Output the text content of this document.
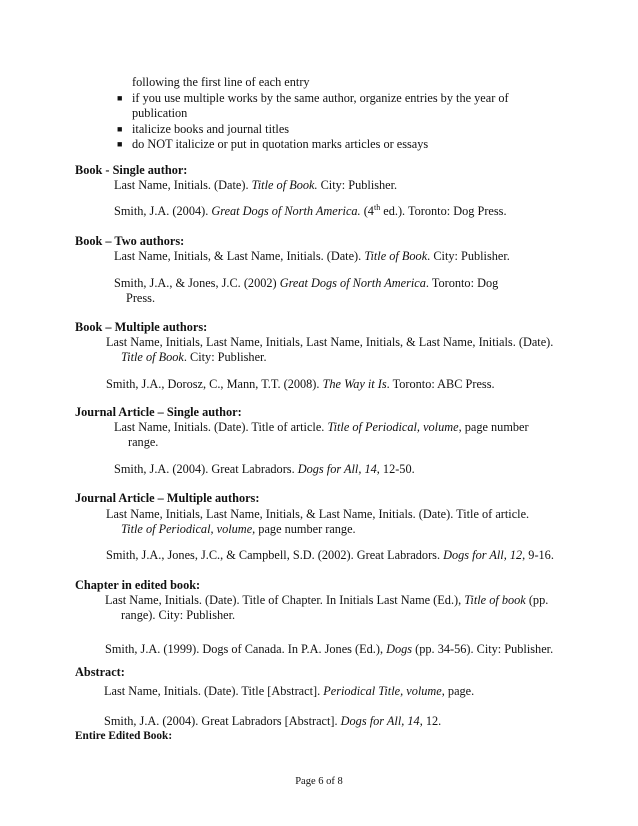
following the first line of each entry
■ if you use multiple works by the same author, organize entries by the year of
publication
■ italicize books and journal titles
■ do NOT italicize or put in quotation marks articles or essays
Book - Single author:
Last Name, Initials. (Date). Title of Book. City: Publisher.
Smith, J.A. (2004). Great Dogs of North America. (4th ed.). Toronto: Dog Press.
Book – Two authors:
Last Name, Initials, & Last Name, Initials. (Date). Title of Book. City: Publisher.
Smith, J.A., & Jones, J.C. (2002) Great Dogs of North America. Toronto: Dog
Press.
Book – Multiple authors:
Last Name, Initials, Last Name, Initials, Last Name, Initials, & Last Name, Initials. (Date).
Title of Book. City: Publisher.
Smith, J.A., Dorosz, C., Mann, T.T. (2008). The Way it Is. Toronto: ABC Press.
Journal Article – Single author:
Last Name, Initials. (Date). Title of article. Title of Periodical, volume, page number
range.
Smith, J.A. (2004). Great Labradors. Dogs for All, 14, 12-50.
Journal Article – Multiple authors:
Last Name, Initials, Last Name, Initials, & Last Name, Initials. (Date). Title of article.
Title of Periodical, volume, page number range.
Smith, J.A., Jones, J.C., & Campbell, S.D. (2002). Great Labradors. Dogs for All, 12, 9-16.
Chapter in edited book:
Last Name, Initials. (Date). Title of Chapter. In Initials Last Name (Ed.), Title of book (pp.
range). City: Publisher.
Smith, J.A. (1999). Dogs of Canada. In P.A. Jones (Ed.), Dogs (pp. 34-56). City: Publisher.
Abstract:
Last Name, Initials. (Date). Title [Abstract]. Periodical Title, volume, page.
Smith, J.A. (2004). Great Labradors [Abstract]. Dogs for All, 14, 12.
Entire Edited Book:
Page 6 of 8
